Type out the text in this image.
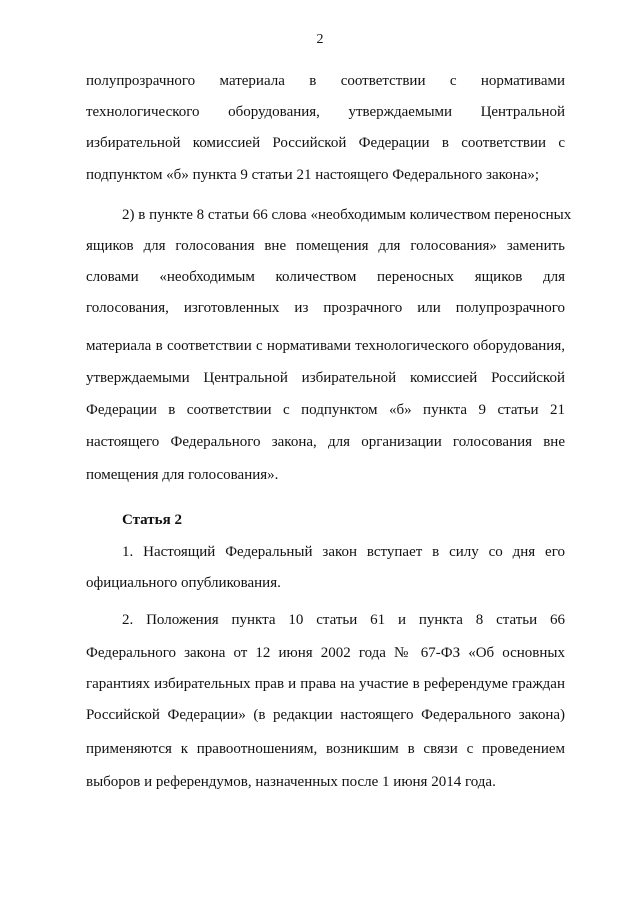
2
полупрозрачного материала в соответствии с нормативами
технологического оборудования, утверждаемыми Центральной
избирательной комиссией Российской Федерации в соответствии с
подпунктом «б» пункта 9 статьи 21 настоящего Федерального закона»;
2) в пункте 8 статьи 66 слова «необходимым количеством переносных
ящиков для голосования вне помещения для голосования» заменить
словами «необходимым количеством переносных ящиков для
голосования, изготовленных из прозрачного или полупрозрачного
материала в соответствии с нормативами технологического оборудования,
утверждаемыми Центральной избирательной комиссией Российской
Федерации в соответствии с подпунктом «б» пункта 9 статьи 21
настоящего Федерального закона, для организации голосования вне
помещения для голосования».
Статья 2
1. Настоящий Федеральный закон вступает в силу со дня его
официального опубликования.
2. Положения пункта 10 статьи 61 и пункта 8 статьи 66
Федерального закона от 12 июня 2002 года № 67-ФЗ «Об основных
гарантиях избирательных прав и права на участие в референдуме граждан
Российской Федерации» (в редакции настоящего Федерального закона)
применяются к правоотношениям, возникшим в связи с проведением
выборов и референдумов, назначенных после 1 июня 2014 года.
